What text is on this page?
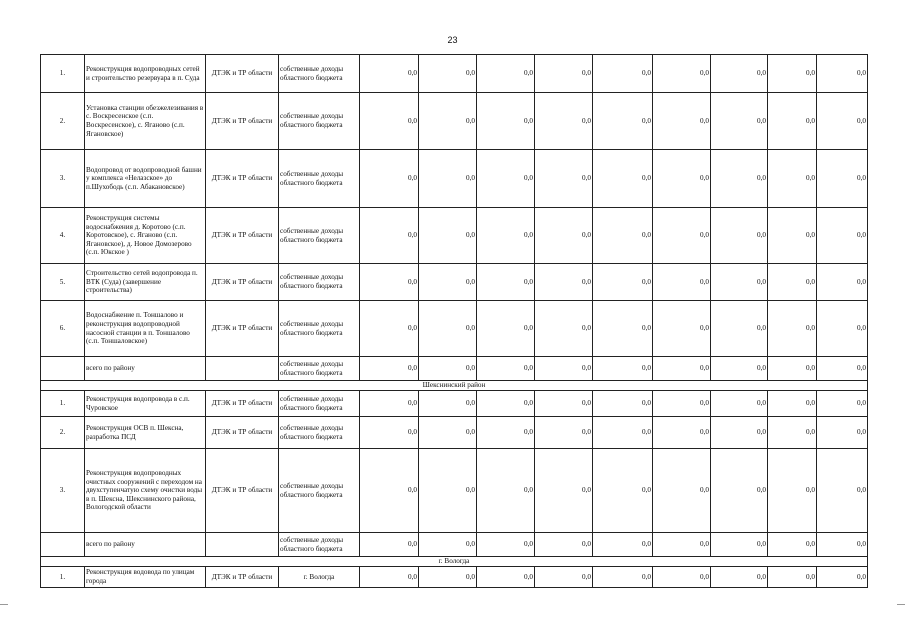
23
1.	Реконструкция водопроводных сетей и строительство резервуара в п. Суда	ДТЭК и ТР области	собственные доходы областного бюджета	0,0	0,0	0,0	0,0	0,0	0,0	0,0	0,0	0,0
2.	Установка станции обезжелезивания в с. Воскресенское (с.п. Воскресенское), с. Яганово (с.п. Ягановское)	ДТЭК и ТР области	собственные доходы областного бюджета	0,0	0,0	0,0	0,0	0,0	0,0	0,0	0,0	0,0
3.	Водопровод от водопроводной башни у комплекса «Нелазское» до п.Шухободь (с.п. Абакановское)	ДТЭК и ТР области	собственные доходы областного бюджета	0,0	0,0	0,0	0,0	0,0	0,0	0,0	0,0	0,0
4.	Реконструкция системы водоснабжения д. Коротово (с.п. Коротовское), с. Яганово (с.п. Ягановское), д. Новое Домозерово (с.п. Юкское )	ДТЭК и ТР области	собственные доходы областного бюджета	0,0	0,0	0,0	0,0	0,0	0,0	0,0	0,0	0,0
5.	Строительство сетей водопровода п. ВТК (Суда) (завершение строительства)	ДТЭК и ТР области	собственные доходы областного бюджета	0,0	0,0	0,0	0,0	0,0	0,0	0,0	0,0	0,0
6.	Водоснабжение п. Тоншалово и реконструкция водопроводной насосной станции в п. Тоншалово (с.п. Тоншаловское)	ДТЭК и ТР области	собственные доходы областного бюджета	0,0	0,0	0,0	0,0	0,0	0,0	0,0	0,0	0,0
	всего по району		собственные доходы областного бюджета	0,0	0,0	0,0	0,0	0,0	0,0	0,0	0,0	0,0
Шекснинский район												
1.	Реконструкция водопровода в с.п. Чуровское	ДТЭК и ТР области	собственные доходы областного бюджета	0,0	0,0	0,0	0,0	0,0	0,0	0,0	0,0	0,0
2.	Реконструкция ОСВ п. Шексна, разработка ПСД	ДТЭК и ТР области	собственные доходы областного бюджета	0,0	0,0	0,0	0,0	0,0	0,0	0,0	0,0	0,0
3.	Реконструкция водопроводных очистных сооружений с переходом на двухступенчатую схему очистки воды в п. Шексна, Шекснинского района, Вологодской области	ДТЭК и ТР области	собственные доходы областного бюджета	0,0	0,0	0,0	0,0	0,0	0,0	0,0	0,0	0,0
	всего по району		собственные доходы областного бюджета	0,0	0,0	0,0	0,0	0,0	0,0	0,0	0,0	0,0
г. Вологда												
1.	Реконструкция водовода по улицам города	ДТЭК и ТР области	г. Вологда	0,0	0,0	0,0	0,0	0,0	0,0	0,0	0,0	0,0
